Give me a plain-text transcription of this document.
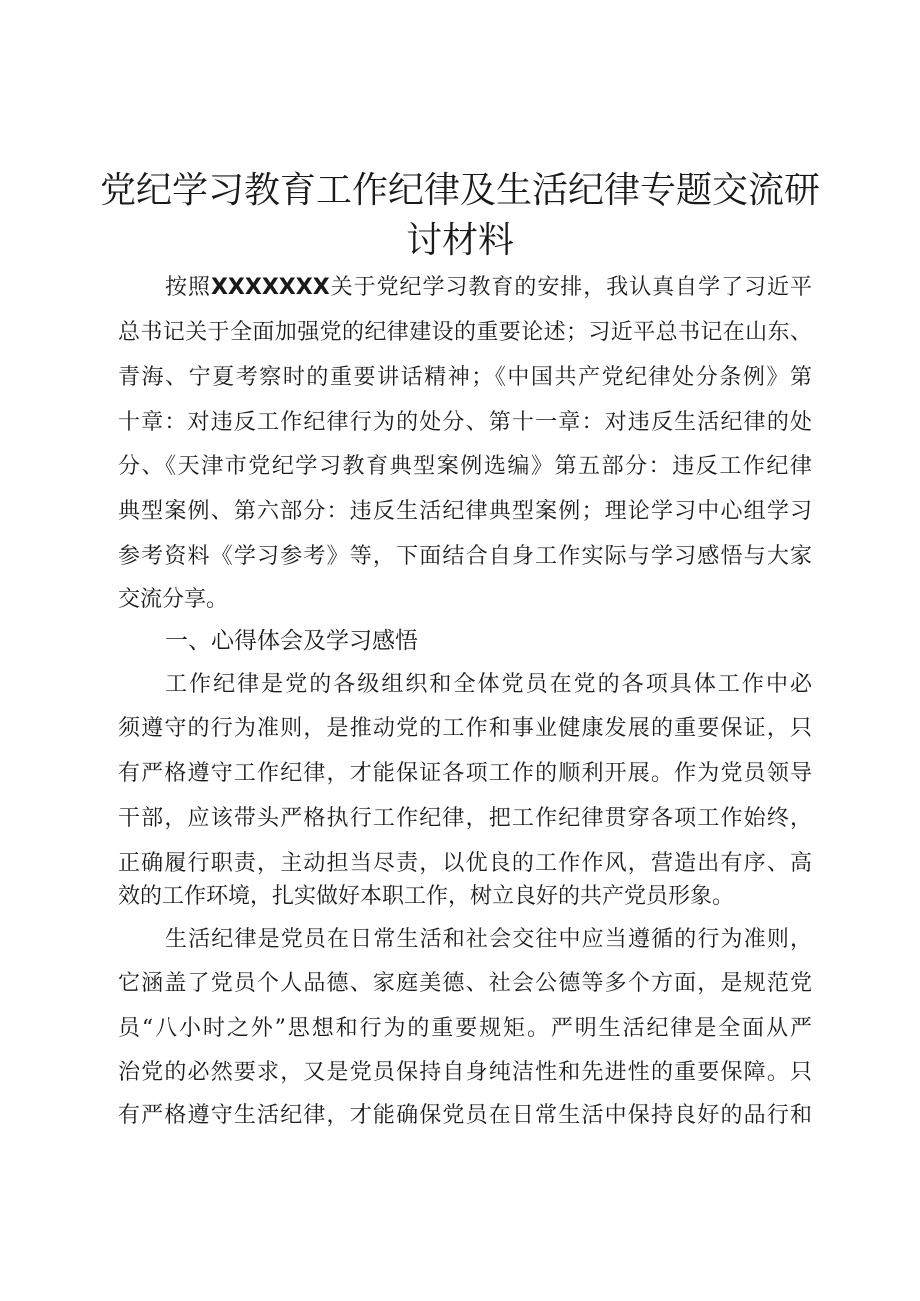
党纪学习教育工作纪律及生活纪律专题交流研
讨材料
按照XXXXXXX关于党纪学习教育的安排，我认真自学了习近平
总书记关于全面加强党的纪律建设的重要论述；习近平总书记在山东、
青海、宁夏考察时的重要讲话精神；《中国共产党纪律处分条例》第
十章：对违反工作纪律行为的处分、第十一章：对违反生活纪律的处
分、《天津市党纪学习教育典型案例选编》第五部分：违反工作纪律
典型案例、第六部分：违反生活纪律典型案例；理论学习中心组学习
参考资料《学习参考》等，下面结合自身工作实际与学习感悟与大家
交流分享。
一、心得体会及学习感悟
工作纪律是党的各级组织和全体党员在党的各项具体工作中必
须遵守的行为准则，是推动党的工作和事业健康发展的重要保证，只
有严格遵守工作纪律，才能保证各项工作的顺利开展。作为党员领导
干部，应该带头严格执行工作纪律，把工作纪律贯穿各项工作始终，
正确履行职责，主动担当尽责，以优良的工作作风，营造出有序、高
效的工作环境，扎实做好本职工作，树立良好的共产党员形象。
生活纪律是党员在日常生活和社会交往中应当遵循的行为准则，
它涵盖了党员个人品德、家庭美德、社会公德等多个方面，是规范党
员“八小时之外”思想和行为的重要规矩。严明生活纪律是全面从严
治党的必然要求，又是党员保持自身纯洁性和先进性的重要保障。只
有严格遵守生活纪律，才能确保党员在日常生活中保持良好的品行和
